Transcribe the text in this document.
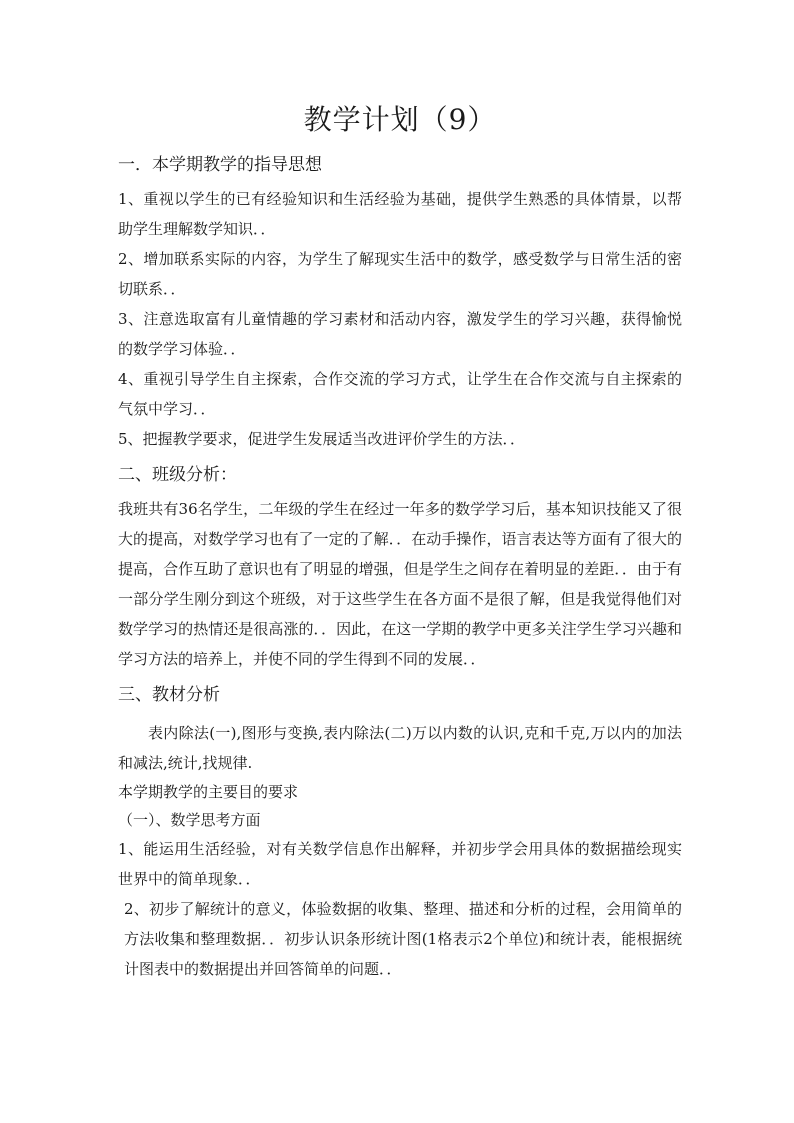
教学计划（9）
一．本学期教学的指导思想
1、重视以学生的已有经验知识和生活经验为基础，提供学生熟悉的具体情景，以帮助学生理解数学知识．．
2、增加联系实际的内容，为学生了解现实生活中的数学，感受数学与日常生活的密切联系．．
3、注意选取富有儿童情趣的学习素材和活动内容，激发学生的学习兴趣，获得愉悦的数学学习体验．．
4、重视引导学生自主探索，合作交流的学习方式，让学生在合作交流与自主探索的气氛中学习．．
5、把握教学要求，促进学生发展适当改进评价学生的方法．．
二、班级分析：
我班共有36名学生，二年级的学生在经过一年多的数学学习后，基本知识技能又了很大的提高，对数学学习也有了一定的了解．．在动手操作，语言表达等方面有了很大的提高，合作互助了意识也有了明显的增强，但是学生之间存在着明显的差距．．由于有一部分学生刚分到这个班级，对于这些学生在各方面不是很了解，但是我觉得他们对数学学习的热情还是很高涨的．．因此，在这一学期的教学中更多关注学生学习兴趣和学习方法的培养上，并使不同的学生得到不同的发展．．
三、教材分析
表内除法(一),图形与变换,表内除法(二)万以内数的认识,克和千克,万以内的加法和减法,统计,找规律.
本学期教学的主要目的要求
（一）、数学思考方面
1、能运用生活经验，对有关数学信息作出解释，并初步学会用具体的数据描绘现实世界中的简单现象．．
2、初步了解统计的意义，体验数据的收集、整理、描述和分析的过程，会用简单的方法收集和整理数据．．初步认识条形统计图(1格表示2个单位)和统计表，能根据统计图表中的数据提出并回答简单的问题．．
